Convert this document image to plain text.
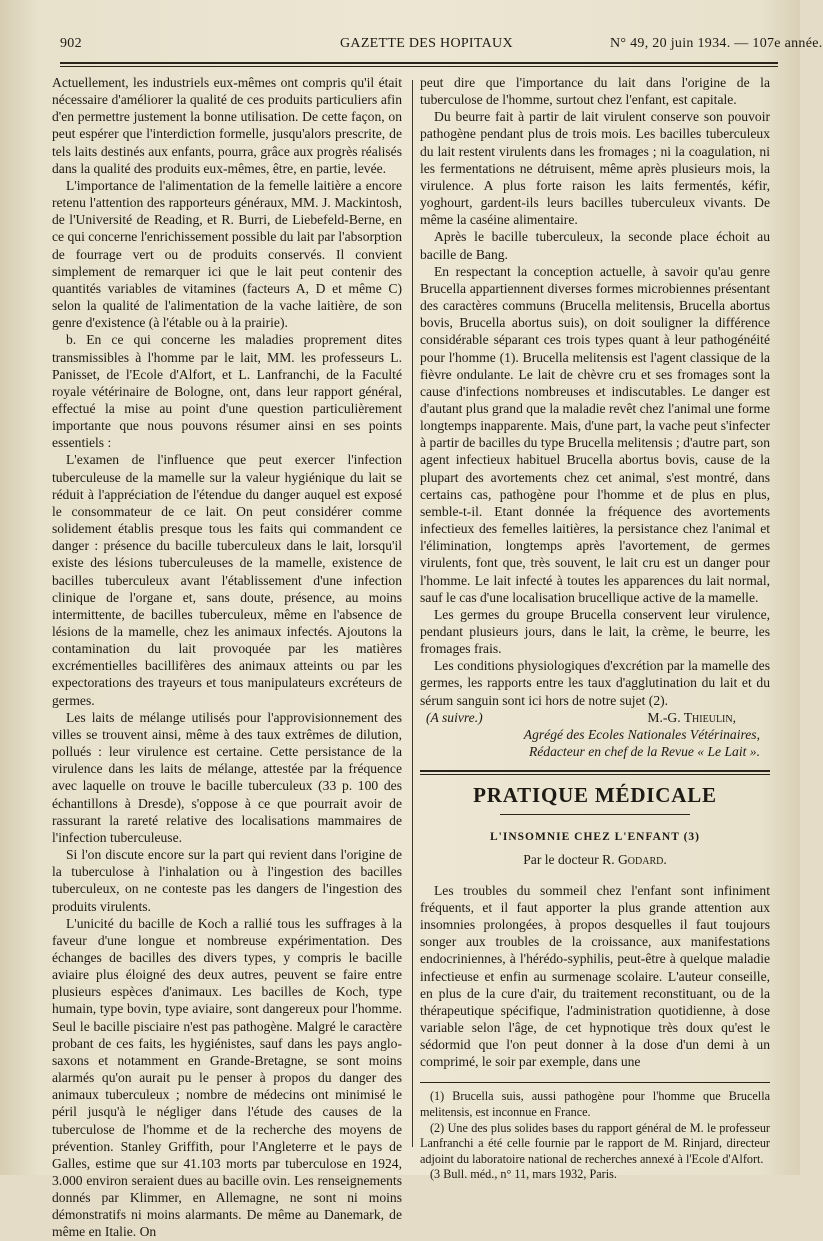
902	GAZETTE DES HOPITAUX	N° 49, 20 juin 1934. — 107e année.

Actuellement, les industriels eux-mêmes ont compris qu'il était nécessaire d'améliorer la qualité de ces produits particuliers afin d'en permettre justement la bonne utilisation. De cette façon, on peut espérer que l'interdiction formelle, jusqu'alors prescrite, de tels laits destinés aux enfants, pourra, grâce aux progrès réalisés dans la qualité des produits eux-mêmes, être, en partie, levée.

L'importance de l'alimentation de la femelle laitière a encore retenu l'attention des rapporteurs généraux, MM. J. Mackintosh, de l'Université de Reading, et R. Burri, de Liebefeld-Berne, en ce qui concerne l'enrichissement possible du lait par l'absorption de fourrage vert ou de produits conservés. Il convient simplement de remarquer ici que le lait peut contenir des quantités variables de vitamines (facteurs A, D et même C) selon la qualité de l'alimentation de la vache laitière, de son genre d'existence (à l'étable ou à la prairie).

b. En ce qui concerne les maladies proprement dites transmissibles à l'homme par le lait, MM. les professeurs L. Panisset, de l'Ecole d'Alfort, et L. Lanfranchi, de la Faculté royale vétérinaire de Bologne, ont, dans leur rapport général, effectué la mise au point d'une question particulièrement importante que nous pouvons résumer ainsi en ses points essentiels :

L'examen de l'influence que peut exercer l'infection tuberculeuse de la mamelle sur la valeur hygiénique du lait se réduit à l'appréciation de l'étendue du danger auquel est exposé le consommateur de ce lait. On peut considérer comme solidement établis presque tous les faits qui commandent ce danger : présence du bacille tuberculeux dans le lait, lorsqu'il existe des lésions tuberculeuses de la mamelle, existence de bacilles tuberculeux avant l'établissement d'une infection clinique de l'organe et, sans doute, présence, au moins intermittente, de bacilles tuberculeux, même en l'absence de lésions de la mamelle, chez les animaux infectés. Ajoutons la contamination du lait provoquée par les matières excrémentielles bacillifères des animaux atteints ou par les expectorations des trayeurs et tous manipulateurs excréteurs de germes.

Les laits de mélange utilisés pour l'approvisionnement des villes se trouvent ainsi, même à des taux extrêmes de dilution, pollués : leur virulence est certaine. Cette persistance de la virulence dans les laits de mélange, attestée par la fréquence avec laquelle on trouve le bacille tuberculeux (33 p. 100 des échantillons à Dresde), s'oppose à ce que pourrait avoir de rassurant la rareté relative des localisations mammaires de l'infection tuberculeuse.

Si l'on discute encore sur la part qui revient dans l'origine de la tuberculose à l'inhalation ou à l'ingestion des bacilles tuberculeux, on ne conteste pas les dangers de l'ingestion des produits virulents.

L'unicité du bacille de Koch a rallié tous les suffrages à la faveur d'une longue et nombreuse expérimentation. Des échanges de bacilles des divers types, y compris le bacille aviaire plus éloigné des deux autres, peuvent se faire entre plusieurs espèces d'animaux. Les bacilles de Koch, type humain, type bovin, type aviaire, sont dangereux pour l'homme. Seul le bacille pisciaire n'est pas pathogène. Malgré le caractère probant de ces faits, les hygiénistes, sauf dans les pays anglo-saxons et notamment en Grande-Bretagne, se sont moins alarmés qu'on aurait pu le penser à propos du danger des animaux tuberculeux ; nombre de médecins ont minimisé le péril jusqu'à le négliger dans l'étude des causes de la tuberculose de l'homme et de la recherche des moyens de prévention. Stanley Griffith, pour l'Angleterre et le pays de Galles, estime que sur 41.103 morts par tuberculose en 1924, 3.000 environ seraient dues au bacille ovin. Les renseignements donnés par Klimmer, en Allemagne, ne sont ni moins démonstratifs ni moins alarmants. De même au Danemark, de même en Italie. On

peut dire que l'importance du lait dans l'origine de la tuberculose de l'homme, surtout chez l'enfant, est capitale.

Du beurre fait à partir de lait virulent conserve son pouvoir pathogène pendant plus de trois mois. Les bacilles tuberculeux du lait restent virulents dans les fromages ; ni la coagulation, ni les fermentations ne détruisent, même après plusieurs mois, la virulence. A plus forte raison les laits fermentés, kéfir, yoghourt, gardent-ils leurs bacilles tuberculeux vivants. De même la caséine alimentaire.

Après le bacille tuberculeux, la seconde place échoit au bacille de Bang.

En respectant la conception actuelle, à savoir qu'au genre Brucella appartiennent diverses formes microbiennes présentant des caractères communs (Brucella melitensis, Brucella abortus bovis, Brucella abortus suis), on doit souligner la différence considérable séparant ces trois types quant à leur pathogénéité pour l'homme (1). Brucella melitensis est l'agent classique de la fièvre ondulante. Le lait de chèvre cru et ses fromages sont la cause d'infections nombreuses et indiscutables. Le danger est d'autant plus grand que la maladie revêt chez l'animal une forme longtemps inapparente. Mais, d'une part, la vache peut s'infecter à partir de bacilles du type Brucella melitensis ; d'autre part, son agent infectieux habituel Brucella abortus bovis, cause de la plupart des avortements chez cet animal, s'est montré, dans certains cas, pathogène pour l'homme et de plus en plus, semble-t-il. Etant donnée la fréquence des avortements infectieux des femelles laitières, la persistance chez l'animal et l'élimination, longtemps après l'avortement, de germes virulents, font que, très souvent, le lait cru est un danger pour l'homme. Le lait infecté à toutes les apparences du lait normal, sauf le cas d'une localisation brucellique active de la mamelle.

Les germes du groupe Brucella conservent leur virulence, pendant plusieurs jours, dans le lait, la crème, le beurre, les fromages frais.

Les conditions physiologiques d'excrétion par la mamelle des germes, les rapports entre les taux d'agglutination du lait et du sérum sanguin sont ici hors de notre sujet (2).

(A suivre.)	M.-G. Thieulin,
Agrégé des Ecoles Nationales Vétérinaires,
Rédacteur en chef de la Revue « Le Lait ».
PRATIQUE MÉDICALE
L'INSOMNIE CHEZ L'ENFANT (3)
Par le docteur R. Godard.

Les troubles du sommeil chez l'enfant sont infiniment fréquents, et il faut apporter la plus grande attention aux insomnies prolongées, à propos desquelles il faut toujours songer aux troubles de la croissance, aux manifestations endocriniennes, à l'hérédo-syphilis, peut-être à quelque maladie infectieuse et enfin au surmenage scolaire. L'auteur conseille, en plus de la cure d'air, du traitement reconstituant, ou de la thérapeutique spécifique, l'administration quotidienne, à dose variable selon l'âge, de cet hypnotique très doux qu'est le sédormid que l'on peut donner à la dose d'un demi à un comprimé, le soir par exemple, dans une

(1) Brucella suis, aussi pathogène pour l'homme que Brucella melitensis, est inconnue en France.

(2) Une des plus solides bases du rapport général de M. le professeur Lanfranchi a été celle fournie par le rapport de M. Rinjard, directeur adjoint du laboratoire national de recherches annexé à l'Ecole d'Alfort.

(3 Bull. méd., n° 11, mars 1932, Paris.
